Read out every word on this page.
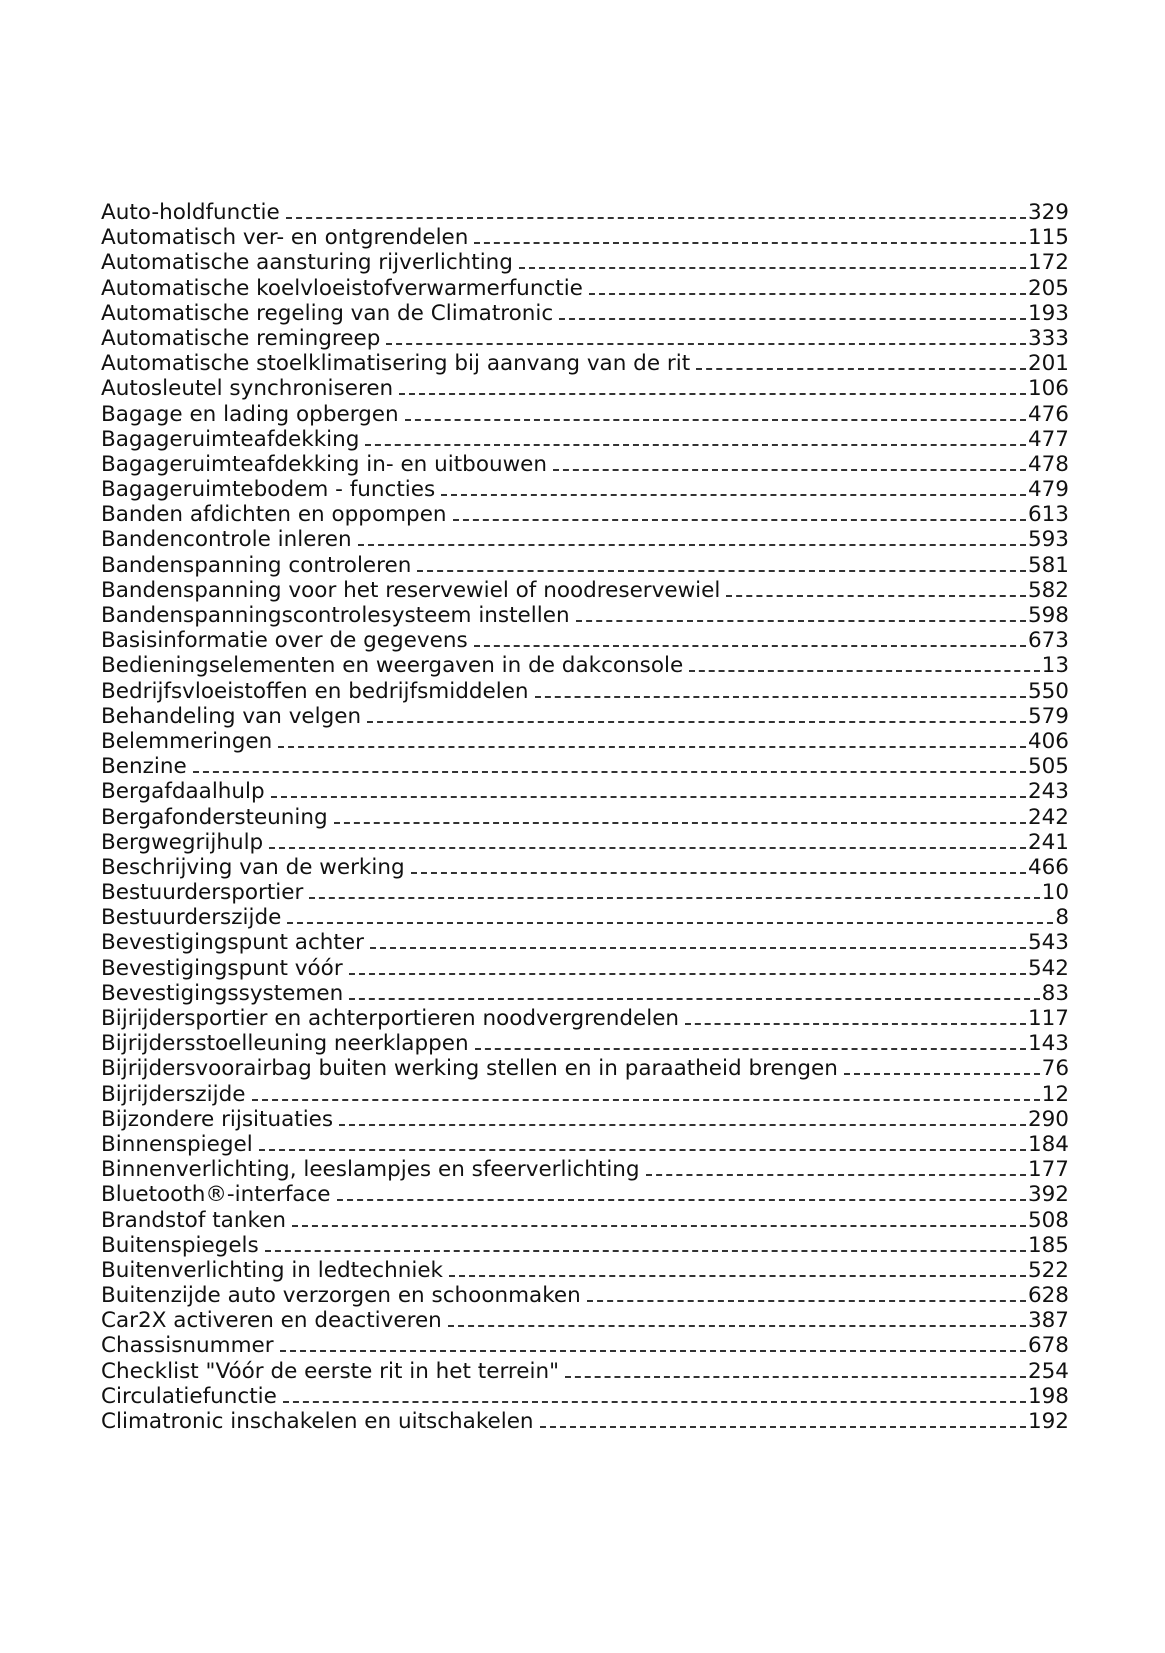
Auto-holdfunctie	329
Automatisch ver- en ontgrendelen	115
Automatische aansturing rijverlichting	172
Automatische koelvloeistofverwarmerfunctie	205
Automatische regeling van de Climatronic	193
Automatische remingreep	333
Automatische stoelklimatisering bij aanvang van de rit	201
Autosleutel synchroniseren	106
Bagage en lading opbergen	476
Bagageruimteafdekking	477
Bagageruimteafdekking in- en uitbouwen	478
Bagageruimtebodem - functies	479
Banden afdichten en oppompen	613
Bandencontrole inleren	593
Bandenspanning controleren	581
Bandenspanning voor het reservewiel of noodreservewiel	582
Bandenspanningscontrolesysteem instellen	598
Basisinformatie over de gegevens	673
Bedieningselementen en weergaven in de dakconsole	13
Bedrijfsvloeistoffen en bedrijfsmiddelen	550
Behandeling van velgen	579
Belemmeringen	406
Benzine	505
Bergafdaalhulp	243
Bergafondersteuning	242
Bergwegrijhulp	241
Beschrijving van de werking	466
Bestuurdersportier	10
Bestuurderszijde	8
Bevestigingspunt achter	543
Bevestigingspunt vóór	542
Bevestigingssystemen	83
Bijrijdersportier en achterportieren noodvergrendelen	117
Bijrijdersstoelleuning neerklappen	143
Bijrijdersvoorairbag buiten werking stellen en in paraatheid brengen	76
Bijrijderszijde	12
Bijzondere rijsituaties	290
Binnenspiegel	184
Binnenverlichting, leeslampjes en sfeerverlichting	177
Bluetooth®-interface	392
Brandstof tanken	508
Buitenspiegels	185
Buitenverlichting in ledtechniek	522
Buitenzijde auto verzorgen en schoonmaken	628
Car2X activeren en deactiveren	387
Chassisnummer	678
Checklist "Vóór de eerste rit in het terrein"	254
Circulatiefunctie	198
Climatronic inschakelen en uitschakelen	192
